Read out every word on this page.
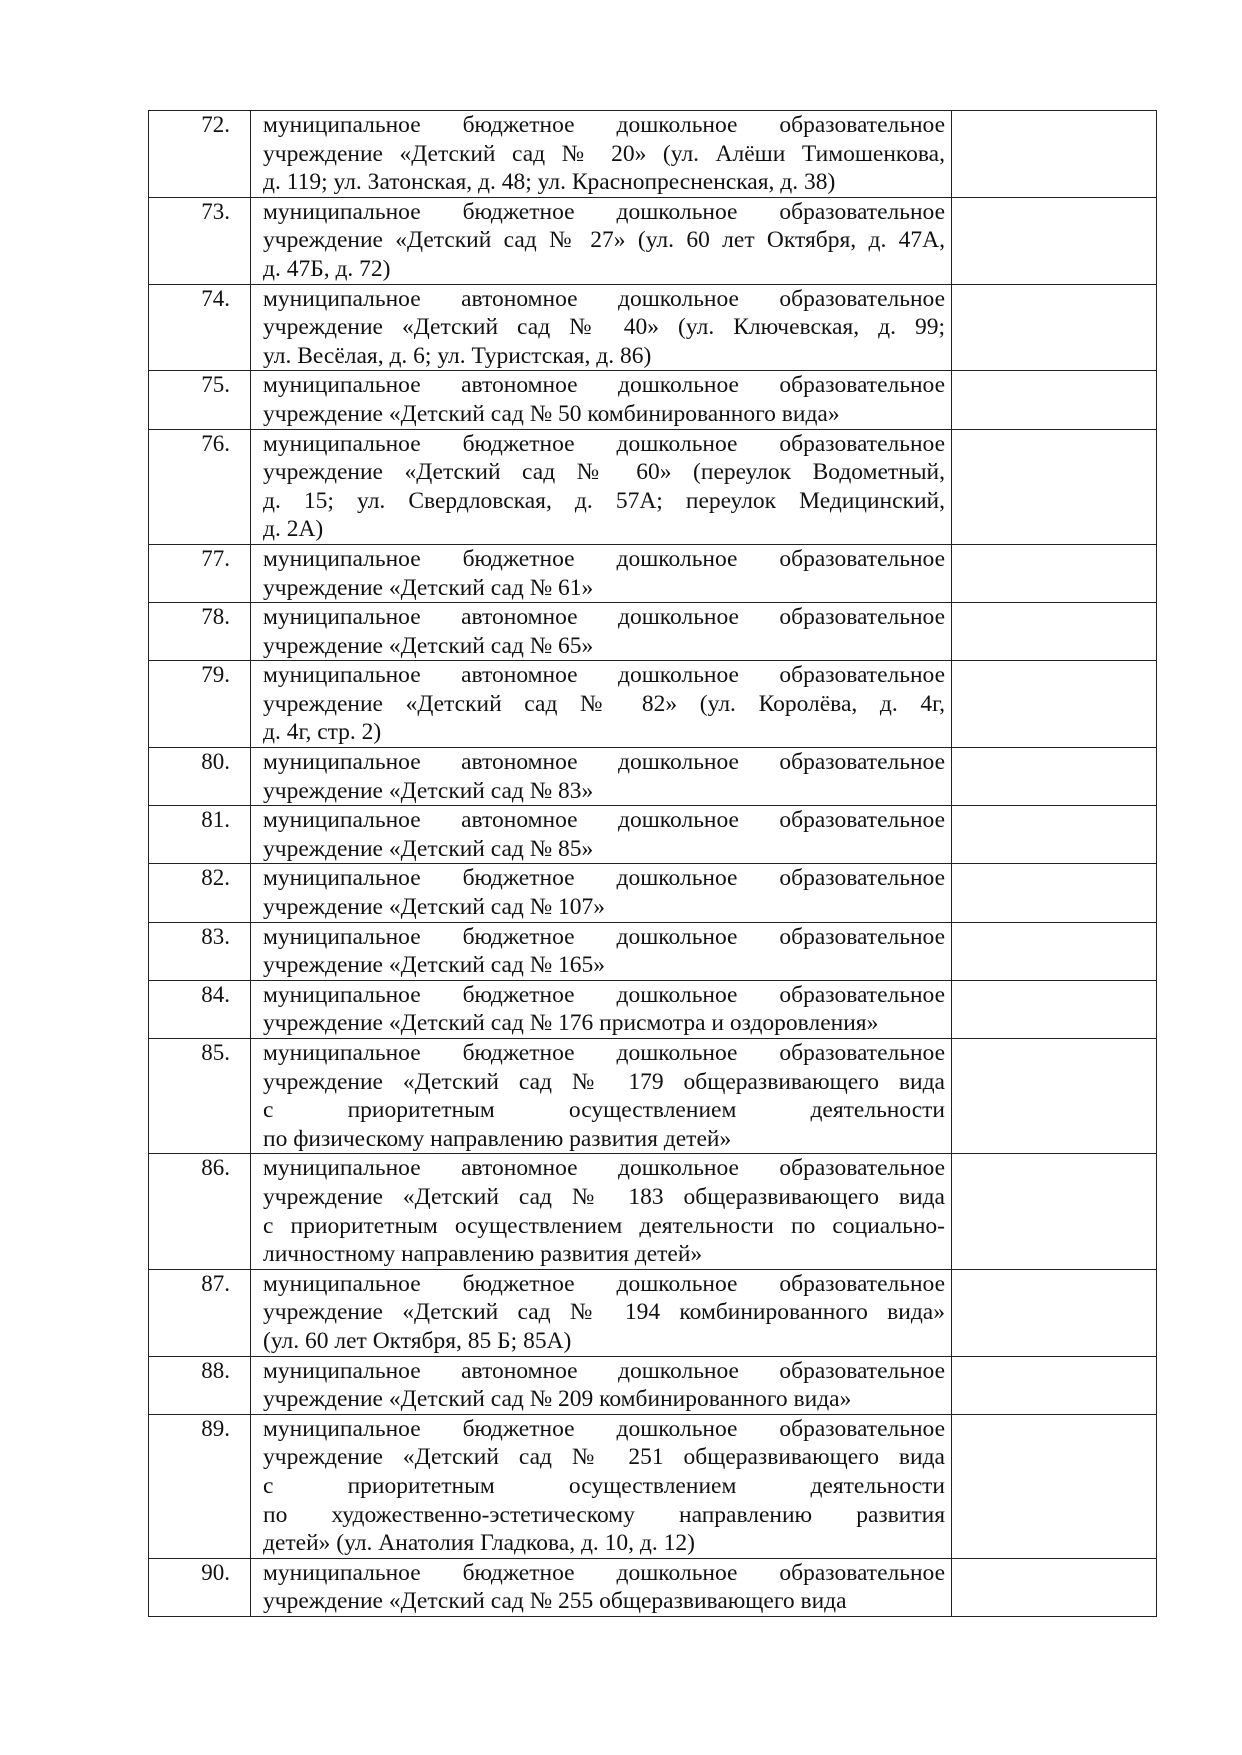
72.	муниципальное бюджетное дошкольное образовательное
учреждение «Детский сад № 20» (ул. Алёши Тимошенкова,
д. 119; ул. Затонская, д. 48; ул. Краснопресненская, д. 38)	

73.	муниципальное бюджетное дошкольное образовательное
учреждение «Детский сад № 27» (ул. 60 лет Октября, д. 47А,
д. 47Б, д. 72)	

74.	муниципальное автономное дошкольное образовательное
учреждение «Детский сад № 40» (ул. Ключевская, д. 99;
ул. Весёлая, д. 6; ул. Туристская, д. 86)	

75.	муниципальное автономное дошкольное образовательное
учреждение «Детский сад № 50 комбинированного вида»	

76.	муниципальное бюджетное дошкольное образовательное
учреждение «Детский сад № 60» (переулок Водометный,
д. 15; ул. Свердловская, д. 57А; переулок Медицинский,
д. 2А)	

77.	муниципальное бюджетное дошкольное образовательное
учреждение «Детский сад № 61»	

78.	муниципальное автономное дошкольное образовательное
учреждение «Детский сад № 65»	

79.	муниципальное автономное дошкольное образовательное
учреждение «Детский сад № 82» (ул. Королёва, д. 4г,
д. 4г, стр. 2)	

80.	муниципальное автономное дошкольное образовательное
учреждение «Детский сад № 83»	

81.	муниципальное автономное дошкольное образовательное
учреждение «Детский сад № 85»	

82.	муниципальное бюджетное дошкольное образовательное
учреждение «Детский сад № 107»	

83.	муниципальное бюджетное дошкольное образовательное
учреждение «Детский сад № 165»	

84.	муниципальное бюджетное дошкольное образовательное
учреждение «Детский сад № 176 присмотра и оздоровления»	

85.	муниципальное бюджетное дошкольное образовательное
учреждение «Детский сад № 179 общеразвивающего вида
с приоритетным осуществлением деятельности
по физическому направлению развития детей»	

86.	муниципальное автономное дошкольное образовательное
учреждение «Детский сад № 183 общеразвивающего вида
с приоритетным осуществлением деятельности по социально-
личностному направлению развития детей»	

87.	муниципальное бюджетное дошкольное образовательное
учреждение «Детский сад № 194 комбинированного вида»
(ул. 60 лет Октября, 85 Б; 85А)	

88.	муниципальное автономное дошкольное образовательное
учреждение «Детский сад № 209 комбинированного вида»	

89.	муниципальное бюджетное дошкольное образовательное
учреждение «Детский сад № 251 общеразвивающего вида
с приоритетным осуществлением деятельности
по художественно-эстетическому направлению развития
детей» (ул. Анатолия Гладкова, д. 10, д. 12)	

90.	муниципальное бюджетное дошкольное образовательное
учреждение «Детский сад № 255 общеразвивающего вида	
